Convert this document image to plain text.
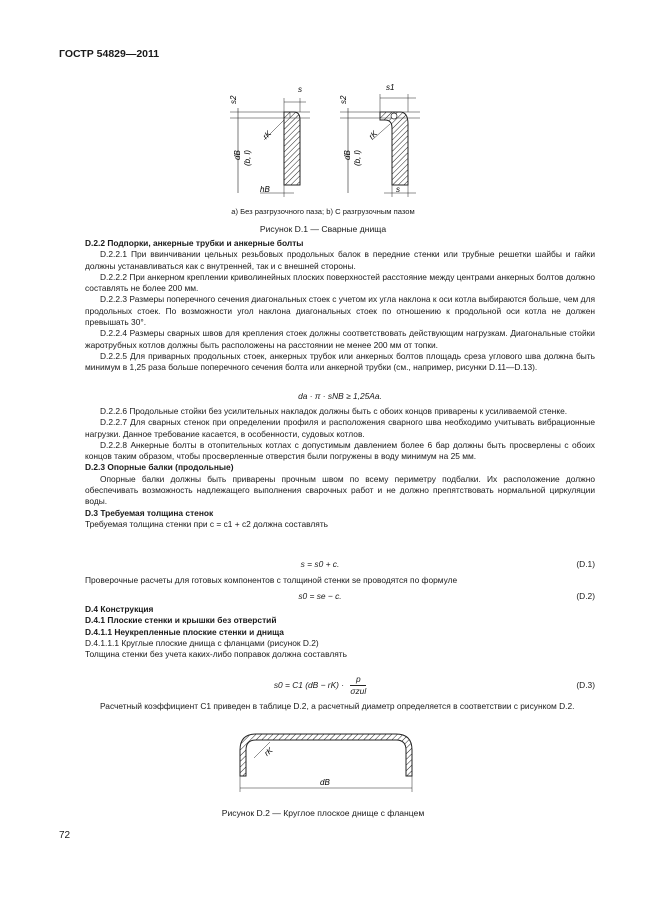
ГОСТР 54829—2011
s
s2
rK
dB (b, l)
hB
s1
s2
rK
dB (b, l)
s
а) Без разгрузочного паза; b) С разгрузочным пазом
Рисунок D.1 — Сварные днища

D.2.2 Подпорки, анкерные трубки и анкерные болты

D.2.2.1 При ввинчивании цельных резьбовых продольных балок в передние стенки или трубные решетки шайбы и гайки должны устанавливаться как с внутренней, так и с внешней стороны.

D.2.2.2 При анкерном креплении криволинейных плоских поверхностей расстояние между центрами анкерных болтов должно составлять не более 200 мм.

D.2.2.3 Размеры поперечного сечения диагональных стоек с учетом их угла наклона к оси котла выбираются больше, чем для продольных стоек. По возможности угол наклона диагональных стоек по отношению к продольной оси котла не должен превышать 30°.

D.2.2.4 Размеры сварных швов для крепления стоек должны соответствовать действующим нагрузкам. Диагональные стойки жаротрубных котлов должны быть расположены на расстоянии не менее 200 мм от топки.

D.2.2.5 Для приварных продольных стоек, анкерных трубок или анкерных болтов площадь среза углового шва должна быть минимум в 1,25 раза больше поперечного сечения болта или анкерной трубки (см., например, рисунки D.11—D.13).

da · π · sNB ≥ 1,25Aa.

D.2.2.6 Продольные стойки без усилительных накладок должны быть с обоих концов приварены к усиливаемой стенке.

D.2.2.7 Для сварных стенок при определении профиля и расположения сварного шва необходимо учитывать вибрационные нагрузки. Данное требование касается, в особенности, судовых котлов.

D.2.2.8 Анкерные болты в отопительных котлах с допустимым давлением более 6 бар должны быть просверлены с обоих концов таким образом, чтобы просверленные отверстия были погружены в воду минимум на 25 мм.

D.2.3 Опорные балки (продольные)

Опорные балки должны быть приварены прочным швом по всему периметру подбалки. Их расположение должно обеспечивать возможность надлежащего выполнения сварочных работ и не должно препятствовать нормальной циркуляции воды.

D.3 Требуемая толщина стенок

Требуемая толщина стенки при c = c1 + c2 должна составлять

s = s0 + c.	(D.1)
Проверочные расчеты для готовых компонентов с толщиной стенки se проводятся по формуле
s0 = se − c.	(D.2)

D.4 Конструкция

D.4.1 Плоские стенки и крышки без отверстий

D.4.1.1 Неукрепленные плоские стенки и днища

D.4.1.1.1 Круглые плоские днища с фланцами (рисунок D.2)

Толщина стенки без учета каких-либо поправок должна составлять

s0 = C1 (dB − rK) ·
p
σzul
(D.3)

Расчетный коэффициент C1 приведен в таблице D.2, а расчетный диаметр определяется в соответствии с рисунком D.2.

rK
dB
Рисунок D.2 — Круглое плоское днище с фланцем
72
